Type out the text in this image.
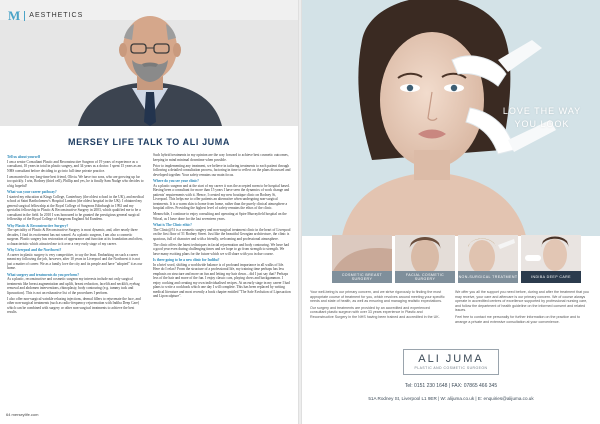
M AESTHETICS
MERSEY LIFE TALK TO ALI JUMA
Tell us about yourself

I am a senior Consultant Plastic and Reconstructive Surgeon of 19 years of experience as a consultant, 10 years in total in plastic surgery, and 34 years as a doctor. I spent 15 years as an NHS consultant before deciding to go into full time private practice.

I am married to my long-time best friend, Olivia. We have two sons, who are growing up far too quickly. I win, Rodney (third cell), Phillip and yes, he is finally Sam Nudge who decides to a big hopeful!

What was your career pathway?

I started my education at Kings College, Canterbury (the oldest school in the UK), and medical school at Saint Bartholomew's Hospital London (the oldest hospital in the UK). I obtained my general surgical fellowship at the Royal College of Surgeons Edinburgh in 1992 and my specialist fellowship in Plastic & Reconstructive Surgery in 2003, which qualified me to be a consultant in the field. In 2010 I was honoured to be granted the prestigious general surgical fellowship of the Royal College of Surgeons England Ad Eundem.

Why Plastic & Reconstructive Surgery?

The speciality of Plastic & Reconstructive Surgery is most dynamic, and, after nearly three decades, I find its excitement has not waned. As a plastic surgeon, I am also a cosmetic surgeon. Plastic surgery has restoration of appearance and function at its foundation and often, a characteristic which attracted me to it over a very early stage of my career.

Why Liverpool and the Northwest?

A career in plastic surgery is very competitive, to say the least. Embarking on such a career meant my following the job, however, after 10 years in Liverpool and the Northwest it is not just a matter of career. We as a family love the city and its people and have "adopted" it as our home.

What surgery and treatments do you perform?

As a plastic, reconstructive and cosmetic surgeon my interests include not only surgical treatments like breast augmentation and uplift, breast reduction, facelift and necklift, eyebag removal and abdomen interventions, rhinoplasty, body contouring (e.g. tummy tuck and liposuction). This is not an exhaustive list of the procedures I perform.

I also offer non-surgical wrinkle relaxing injections, dermal fillers to rejuvenate the face, and other non-surgical treatments (such as radio-frequency rejuvenation with Indiba Deep Care) which can be combined with surgery or other non-surgical treatments to achieve the best results.

Such hybrid treatments in my opinion are the way forward to achieve best cosmetic outcomes, keeping in mind minimal downtime when possible.

Prior to implementing any treatment, we believe in tailoring treatments to each patient through following a detailed consultation process, factoring in time to reflect on the plans discussed and developed together. Your safety remains our main focus.

Where do you see your clinic?

As a plastic surgeon and at the start of my career it was the accepted norm to be hospital based. Having been a consultant for more than 15 years I have seen the dynamics of work change and patients' requirements with it. Hence, I created my new boutique clinic on Rodney St, Liverpool. This helps me to offer patients an alternative when undergoing non-surgical treatments. It is a warm skin to home from home, rather than the purely clinical atmosphere a hospital offers. Providing the highest level of safety remains the ethos of the clinic.

Meanwhile, I continue to enjoy consulting and operating at Spire Murrayfield hospital on the Wirral, as I have done for the last seventeen years.

What is The Clinic ethic?

The Clinic@51 is a cosmetic surgery and non-surgical treatment clinic in the heart of Liverpool on the first floor of 51 Rodney Street. Just like the beautiful Georgian architecture, the clinic is spacious, full of character and with a friendly, welcoming and professional atmosphere.

The clinic offers the latest techniques in facial rejuvenation and body contouring. We have had a good year even during challenging times and we hope to go from strength to strength. We have many exciting plans for the future which we will share with you in due course.

Is there going to be a new clinic for Indiba?

In a brief word, shifting a worldwide balance is of profound importance in all walks of life. Here do I relax? From the structure of a professional life, my training time perhaps has less emphasis on structure and more on fun and letting my hair down... did I just say that? Perhaps less of the hair and more of the fun. I enjoy classic cars, playing chess and backgammon. I enjoy cooking and creating my own individualised recipes. At an early stage in my career I had plans to write a cookbook which one day I will complete. This has been replaced by writing medical literature and most recently a book chapter entitled "The Safe Evolution of Liposuction and Liposculpture".

64 merseylife.com
LOVE THE WAY
YOU LOOK
COSMETIC BREAST SURGERY
FACIAL COSMETIC SURGERY
NON-SURGICAL TREATMENT	INDIBA DEEP CARE

Your well-being is our primary concern, and we strive rigorously to finding the most appropriate course of treatment for you, which revolves around meeting your specific needs and state of health, as well as ensuring and managing realistic expectations.

Our surgery and treatments are provided by an accredited and experienced consultant plastic surgeon with over 33 years experience in Plastic and Reconstructive Surgery in the NHS having been trained and accredited in the UK.

We offer you all the support you need before, during and after the treatment that you may receive, your care and aftercare is our primary concern. We of course always operate in accredited centres of excellence supported by professional nursing care, and follow the department of health guideline on the informed consent and related issues.

Feel free to contact me personally for further information on the practice and to arrange a private and extensive consultation at your convenience.

ALI JUMA
PLASTIC AND COSMETIC SURGEON
Tel: 0151 230 1648 | FAX: 07865 466 345
51A Rodney St, Liverpool L1 9ER | W: alijuma.co.uk | E: enquiries@alijuma.co.uk
